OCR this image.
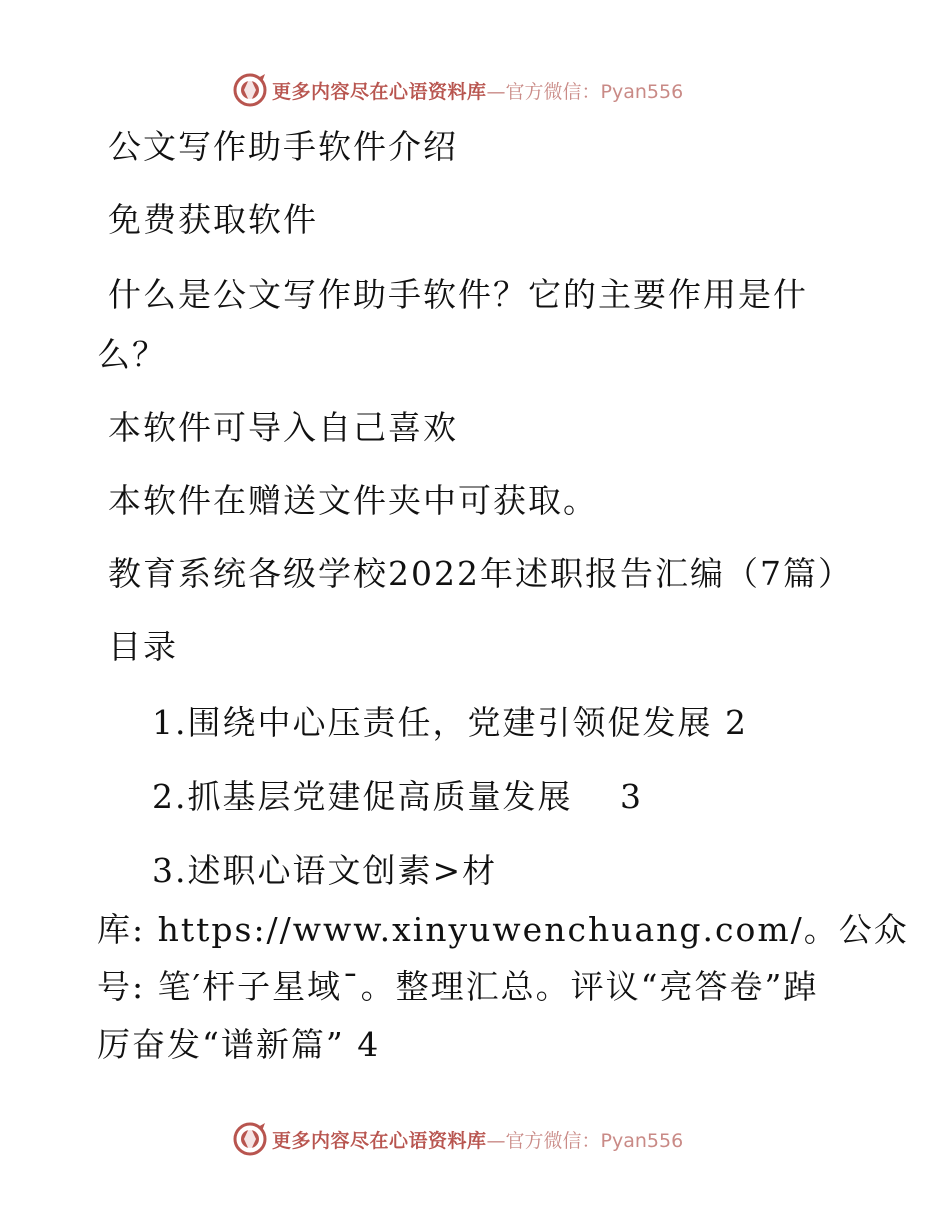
更多内容尽在心语资料库 —官方微信：Pyan556
公文写作助手软件介绍
免费获取软件
什么是公文写作助手软件？它的主要作用是什
么？
本软件可导入自己喜欢
本软件在赠送文件夹中可获取。
教育系统各级学校2022年述职报告汇编（7篇）
目录
1.围绕中心压责任，党建引领促发展 2
2.抓基层党建促高质量发展　 3
3.述职心语文创素>材
库: https://www.xinyuwenchuang.com/。公众
号: 笔′杆子星域¯。整理汇总。评议“亮答卷”踔
厉奋发“谱新篇” 4
更多内容尽在心语资料库 —官方微信：Pyan556
